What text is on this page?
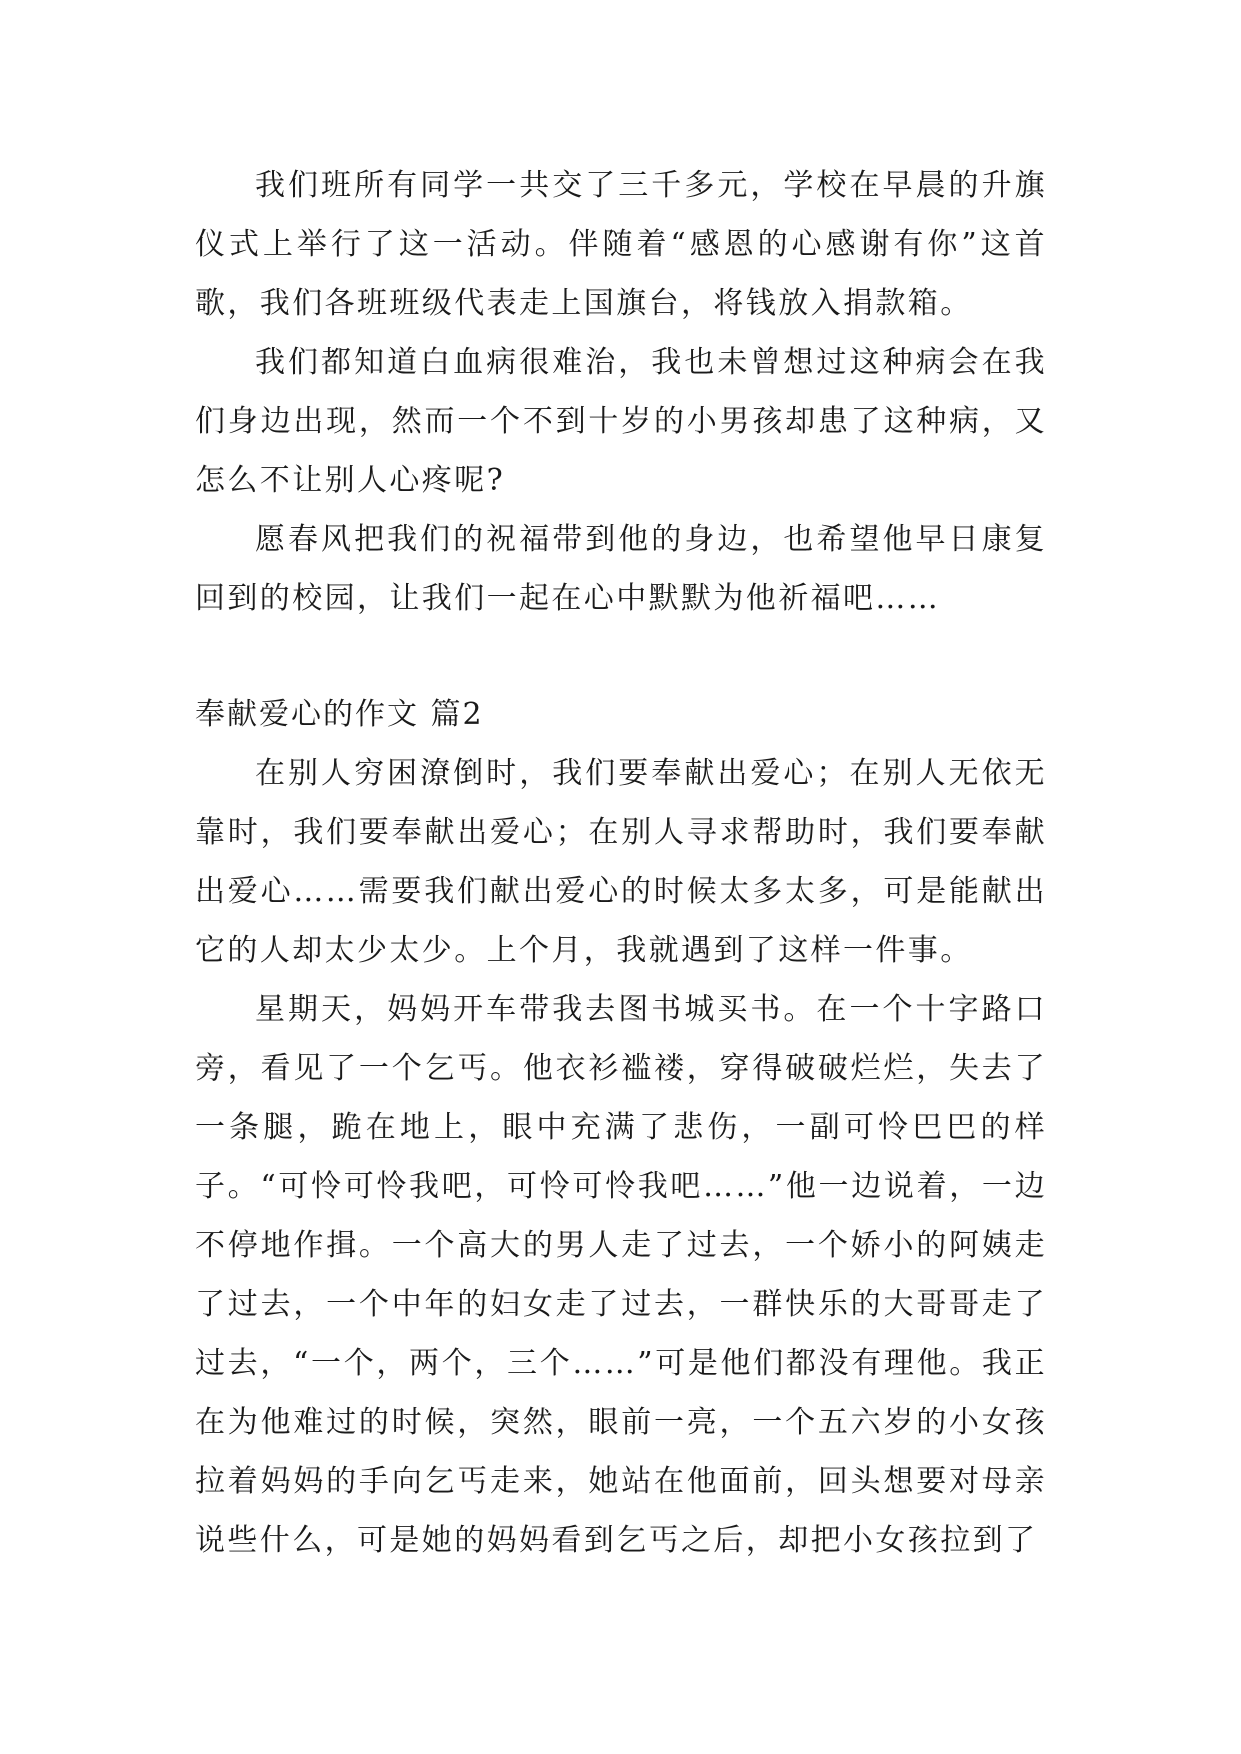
我们班所有同学一共交了三千多元，学校在早晨的升旗仪式上举行了这一活动。伴随着“感恩的心感谢有你”这首歌，我们各班班级代表走上国旗台，将钱放入捐款箱。

我们都知道白血病很难治，我也未曾想过这种病会在我们身边出现，然而一个不到十岁的小男孩却患了这种病，又怎么不让别人心疼呢?

愿春风把我们的祝福带到他的身边，也希望他早日康复回到的校园，让我们一起在心中默默为他祈福吧……

奉献爱心的作文 篇2

在别人穷困潦倒时，我们要奉献出爱心；在别人无依无靠时，我们要奉献出爱心；在别人寻求帮助时，我们要奉献出爱心……需要我们献出爱心的时候太多太多，可是能献出它的人却太少太少。上个月，我就遇到了这样一件事。

星期天，妈妈开车带我去图书城买书。在一个十字路口旁，看见了一个乞丐。他衣衫褴褛，穿得破破烂烂，失去了一条腿，跪在地上，眼中充满了悲伤，一副可怜巴巴的样子。“可怜可怜我吧，可怜可怜我吧……”他一边说着，一边不停地作揖。一个高大的男人走了过去，一个娇小的阿姨走了过去，一个中年的妇女走了过去，一群快乐的大哥哥走了过去，“一个，两个，三个……”可是他们都没有理他。我正在为他难过的时候，突然，眼前一亮，一个五六岁的小女孩拉着妈妈的手向乞丐走来，她站在他面前，回头想要对母亲说些什么，可是她的妈妈看到乞丐之后，却把小女孩拉到了
